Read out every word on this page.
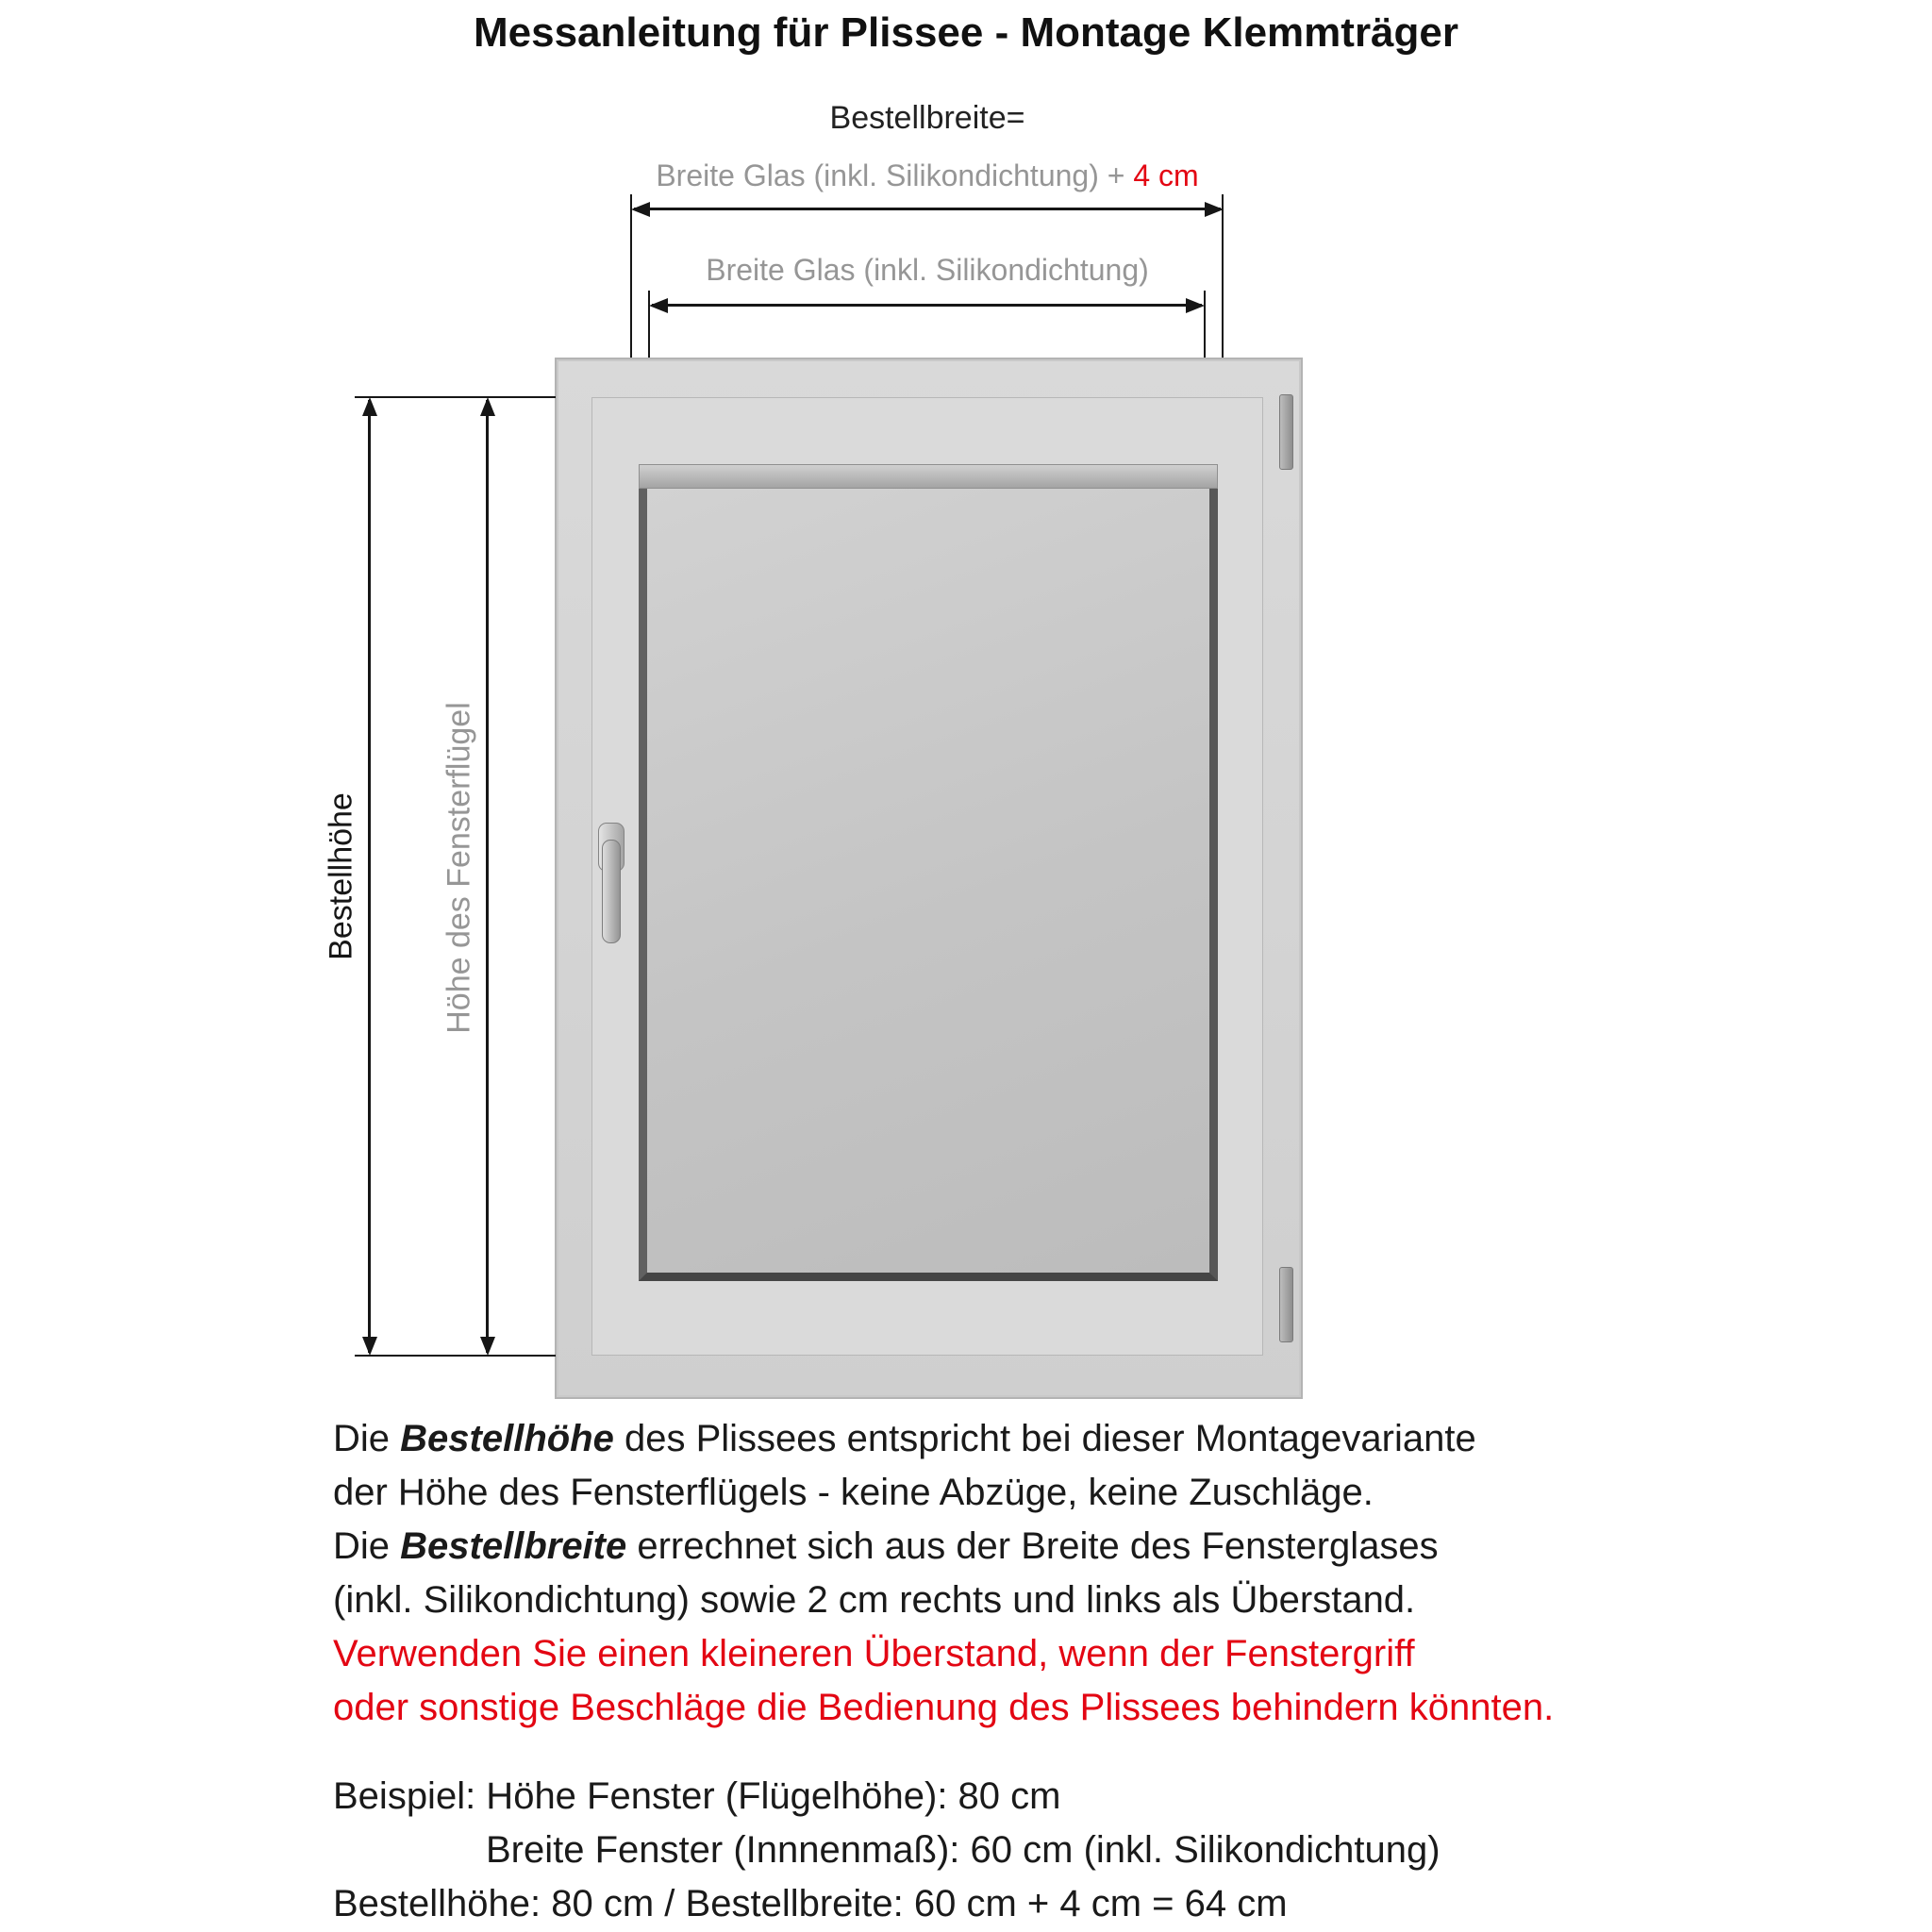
Messanleitung für Plissee - Montage Klemmträger
Bestellbreite=
Breite Glas (inkl. Silikondichtung) + 4 cm
Breite Glas (inkl. Silikondichtung)
Bestellhöhe	Höhe des Fensterflügel

Die Bestellhöhe des Plissees entspricht bei dieser Montagevariante

der Höhe des Fensterflügels - keine Abzüge, keine Zuschläge.

Die Bestellbreite errechnet sich aus der Breite des Fensterglases

(inkl. Silikondichtung) sowie 2 cm rechts und links als Überstand.

Verwenden Sie einen kleineren Überstand, wenn der Fenstergriff

oder sonstige Beschläge die Bedienung des Plissees behindern könnten.

Beispiel: Höhe Fenster (Flügelhöhe): 80 cm

Breite Fenster (Innnenmaß): 60 cm (inkl. Silikondichtung)

Bestellhöhe: 80 cm / Bestellbreite: 60 cm + 4 cm = 64 cm
